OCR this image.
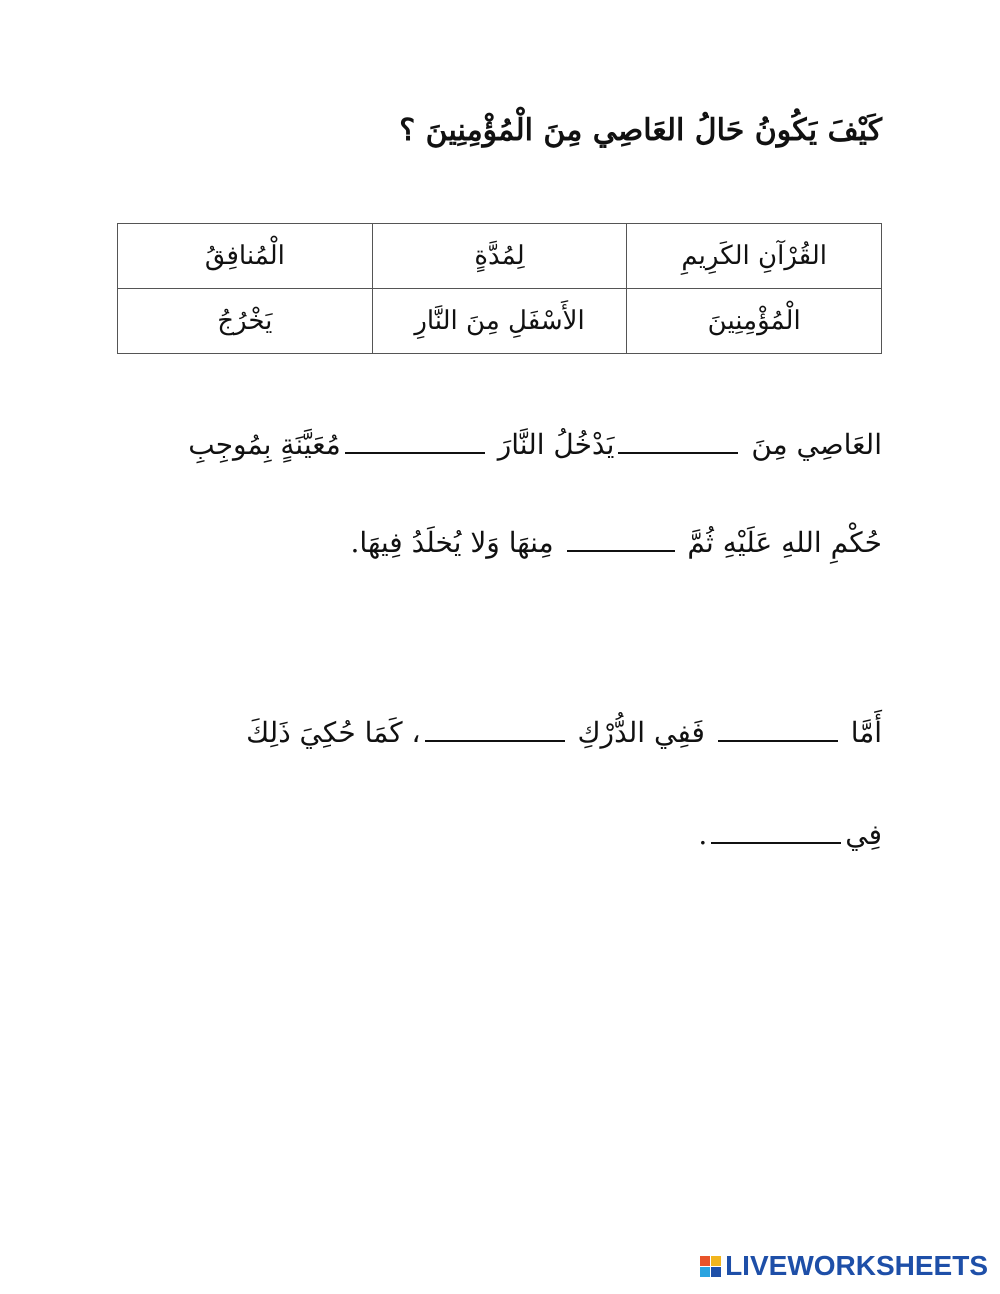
كَيْفَ يَكُونُ حَالُ العَاصِي مِنَ الْمُؤْمِنِينَ ؟
القُرْآنِ الكَرِيمِ	لِمُدَّةٍ	الْمُنافِقُ
الْمُؤْمِنِينَ	الأَسْفَلِ مِنَ النَّارِ	يَخْرُجُ
العَاصِي مِنَ يَدْخُلُ النَّارَ مُعَيَّنَةٍ بِمُوجِبِ
حُكْمِ اللهِ عَلَيْهِ ثُمَّ  مِنهَا وَلا يُخلَدُ فِيهَا.
أَمَّا  فَفِي الدُّرْكِ ، كَمَا حُكِيَ ذَلِكَ
فِي.
LIVEWORKSHEETS
